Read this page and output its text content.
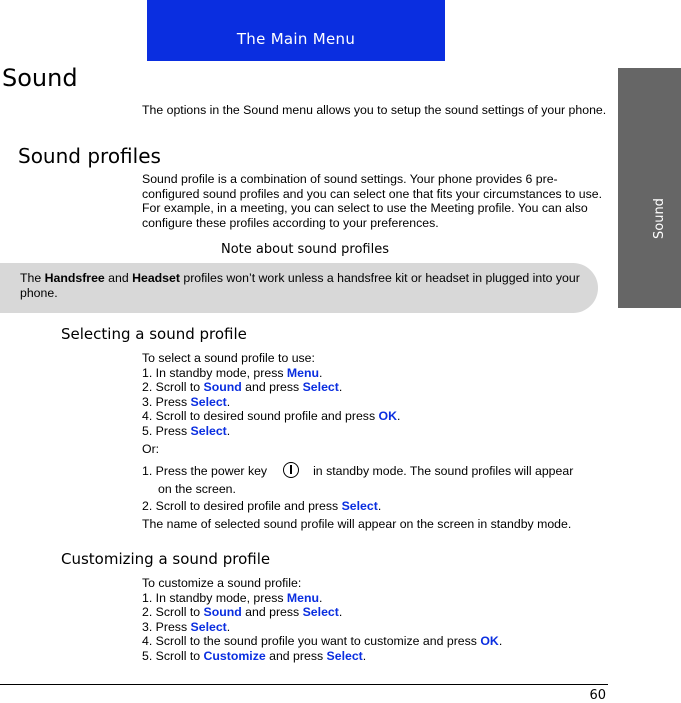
The Main Menu
Sound
Sound
The options in the Sound menu allows you to setup the sound settings of your phone.
Sound profiles
Sound profile is a combination of sound settings. Your phone provides 6 pre-configured sound profiles and you can select one that fits your circumstances to use. For example, in a meeting, you can select to use the Meeting profile. You can also configure these profiles according to your preferences.
Note about sound profiles
The Handsfree and Headset profiles won’t work unless a handsfree kit or headset in plugged into your phone.
Selecting a sound profile
To select a sound profile to use:
1. In standby mode, press Menu.
2. Scroll to Sound and press Select.
3. Press Select.
4. Scroll to desired sound profile and press OK.
5. Press Select.
Or:
1. Press the power key	in standby mode. The sound profiles will appear
on the screen.
2. Scroll to desired profile and press Select.
The name of selected sound profile will appear on the screen in standby mode.
Customizing a sound profile
To customize a sound profile:
1. In standby mode, press Menu.
2. Scroll to Sound and press Select.
3. Press Select.
4. Scroll to the sound profile you want to customize and press OK.
5. Scroll to Customize and press Select.
60
